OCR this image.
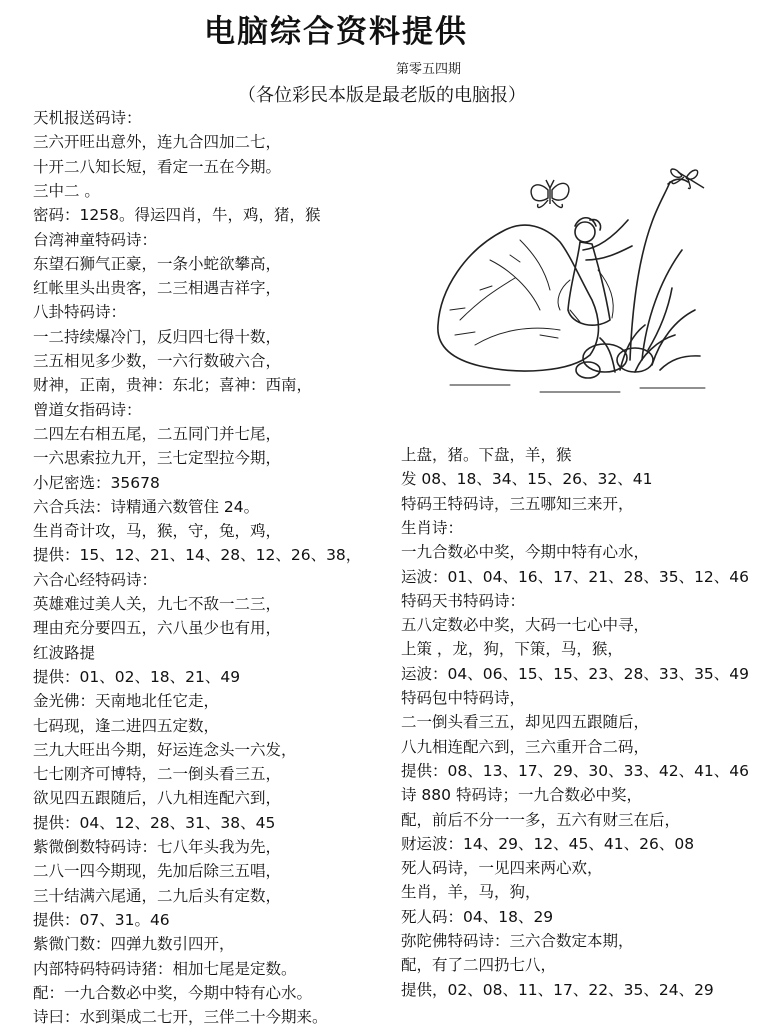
电脑综合资料提供
第零五四期
（各位彩民本版是最老版的电脑报）
天机报送码诗：
三六开旺出意外，连九合四加二七，
十开二八知长短，看定一五在今期。
三中二 。
密码：1258。得运四肖，牛，鸡，猪，猴
台湾神童特码诗：
东望石狮气正豪，一条小蛇欲攀高，
红帐里头出贵客，二三相遇吉祥字，
八卦特码诗：
一二持续爆冷门，反归四七得十数，
三五相见多少数，一六行数破六合，
财神，正南，贵神：东北；喜神：西南，
曾道女指码诗：
二四左右相五尾，二五同门并七尾，
一六思索拉九开，三七定型拉今期，
小尼密选：35678
六合兵法：诗精通六数管住 24。
生肖奇计攻，马，猴，守，兔，鸡，
提供：15、12、21、14、28、12、26、38，
六合心经特码诗：
英雄难过美人关，九七不敌一二三，
理由充分要四五，六八虽少也有用，
红波路提
提供：01、02、18、21、49
金光佛：天南地北任它走，
七码现，逢二进四五定数，
三九大旺出今期，好运连念头一六发，
七七刚齐可博特，二一倒头看三五，
欲见四五跟随后，八九相连配六到，
提供：04、12、28、31、38、45
紫微倒数特码诗：七八年头我为先，
二八一四今期现，先加后除三五唱，
三十结满六尾通，二九后头有定数，
提供：07、31。46
紫微门数：四弹九数引四开，
内部特码特码诗猪：相加七尾是定数。
配：一九合数必中奖，今期中特有心水。
诗曰：水到渠成二七开，三伴二十今期来。
上盘，猪。下盘，羊，猴
发 08、18、34、15、26、32、41
特码王特码诗，三五哪知三来开，
生肖诗：
一九合数必中奖，今期中特有心水，
运波：01、04、16、17、21、28、35、12、46
特码天书特码诗：
五八定数必中奖，大码一七心中寻，
上策 ，龙，狗，下策，马，猴，
运波：04、06、15、15、23、28、33、35、49
特码包中特码诗，
二一倒头看三五，却见四五跟随后，
八九相连配六到，三六重开合二码，
提供：08、13、17、29、30、33、42、41、46
诗 880 特码诗；一九合数必中奖，
配，前后不分一一多，五六有财三在后，
财运波：14、29、12、45、41、26、08
死人码诗，一见四来两心欢，
生肖，羊，马，狗，
死人码：04、18、29
弥陀佛特码诗：三六合数定本期，
配，有了二四扔七八，
提供，02、08、11、17、22、35、24、29
